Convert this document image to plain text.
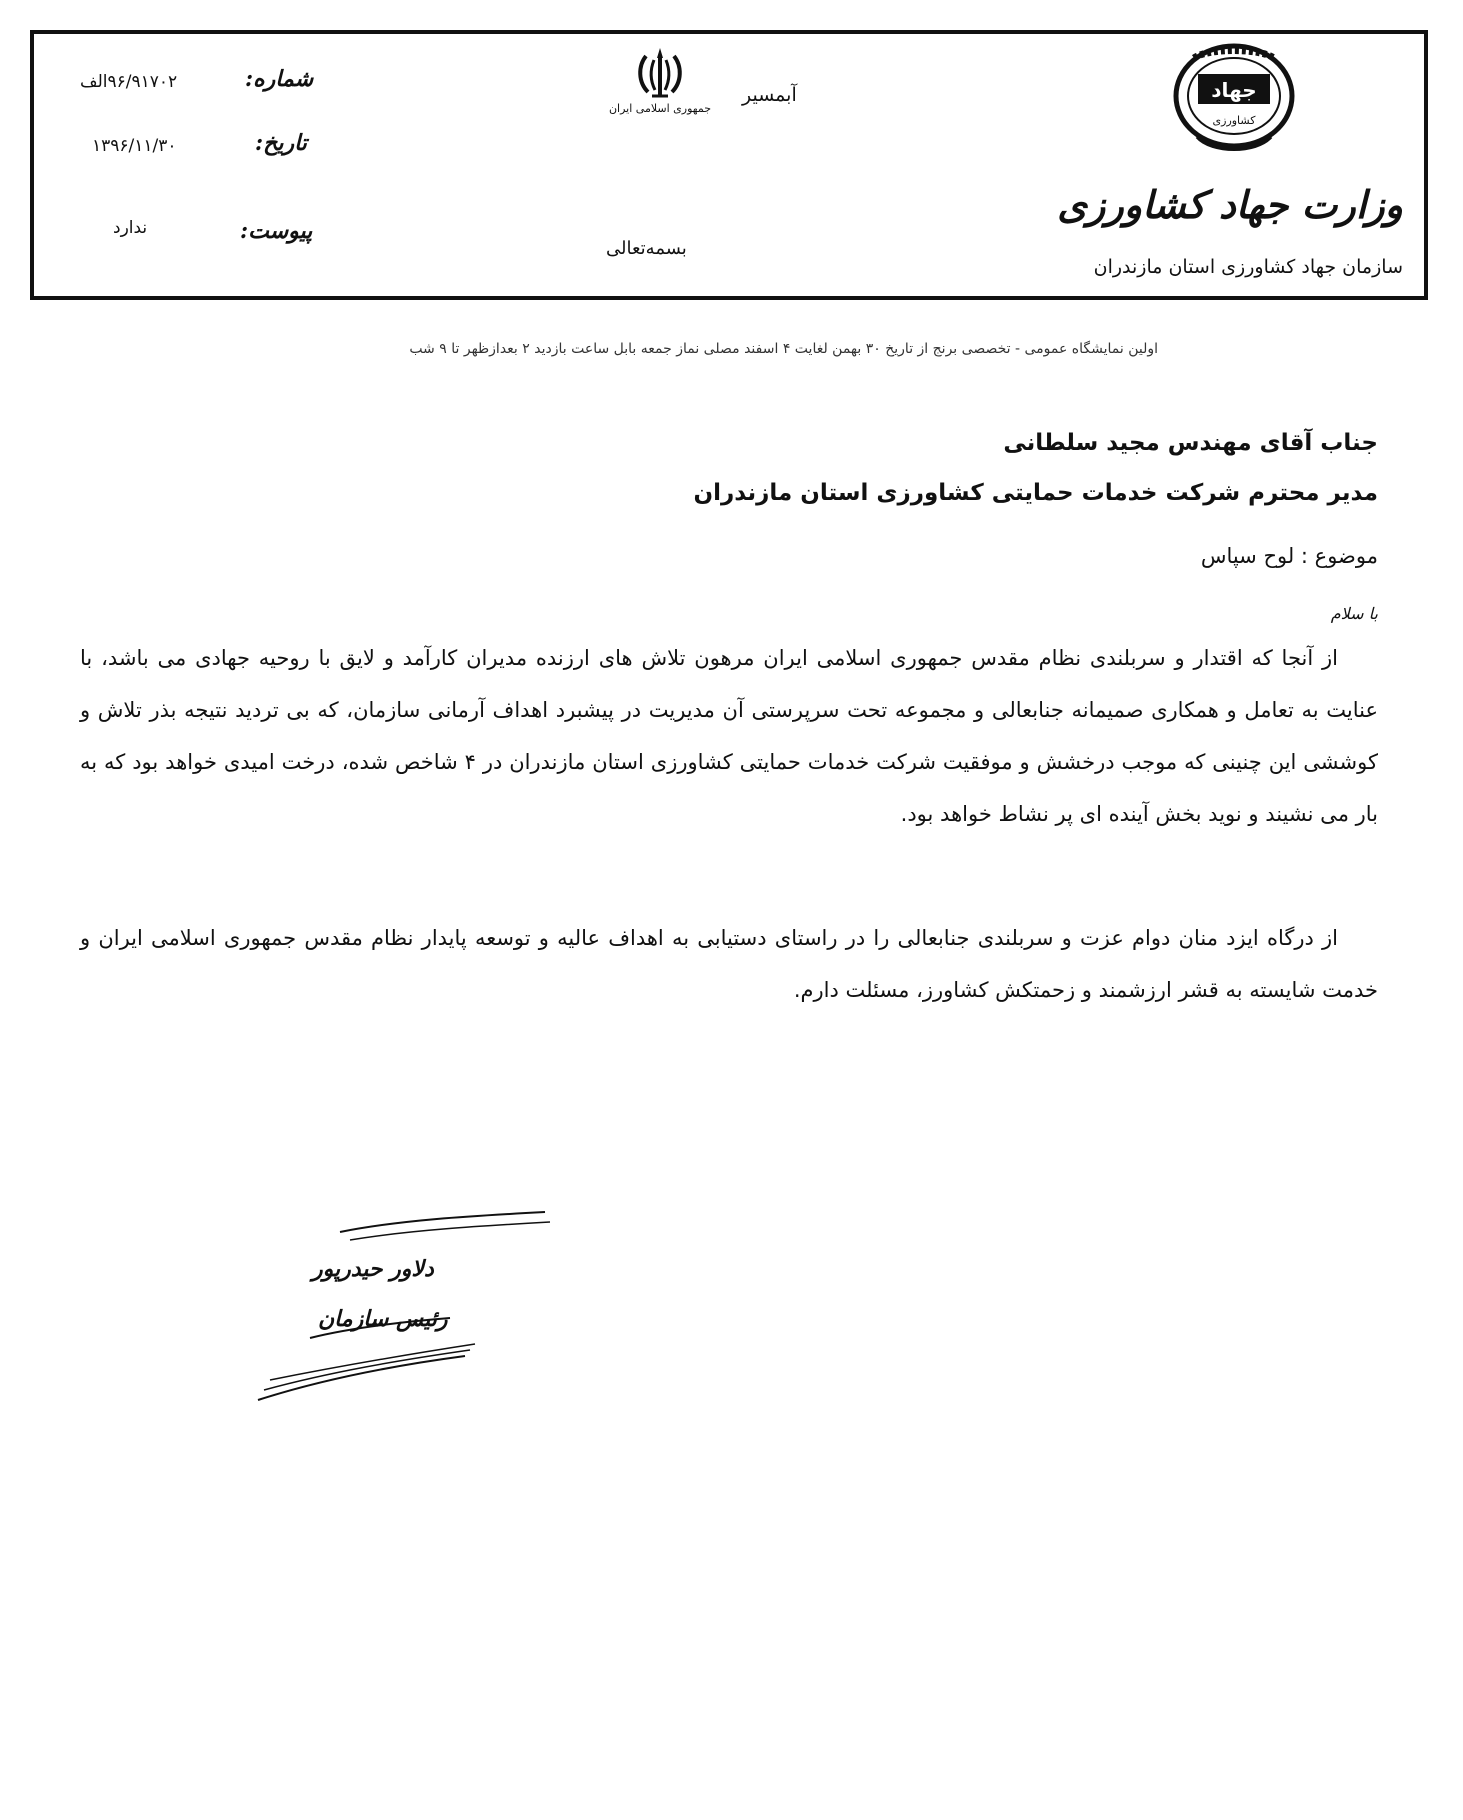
شماره:
۹۶/۹۱۷۰۲الف
تاریخ:
۱۳۹۶/۱۱/۳۰
پیوست:
ندارد
جمهوری اسلامی ایران
آبمسیر
بسمه‌تعالی
جهاد
کشاورزی
وزارت جهاد کشاورزی
سازمان جهاد کشاورزی استان مازندران
اولین نمایشگاه عمومی - تخصصی برنج از تاریخ ۳۰ بهمن لغایت ۴ اسفند مصلی نماز جمعه بابل ساعت بازدید ۲ بعدازظهر تا ۹ شب
جناب آقای مهندس مجید سلطانی
مدیر محترم شرکت خدمات حمایتی کشاورزی استان مازندران
موضوع : لوح سپاس
با سلام
از آنجا که اقتدار و سربلندی نظام مقدس جمهوری اسلامی ایران مرهون تلاش های ارزنده مدیران کارآمد و لایق با روحیه جهادی می باشد، با عنایت به تعامل و همکاری صمیمانه جنابعالی و مجموعه تحت سرپرستی آن مدیریت در پیشبرد اهداف آرمانی سازمان، که بی تردید نتیجه بذر تلاش و کوششی این چنینی که موجب درخشش و موفقیت شرکت خدمات حمایتی کشاورزی استان مازندران در ۴ شاخص شده، درخت امیدی خواهد بود که به بار می نشیند و نوید بخش آینده ای پر نشاط خواهد بود.
از درگاه ایزد منان دوام عزت و سربلندی جنابعالی را در راستای دستیابی به اهداف عالیه و توسعه پایدار نظام مقدس جمهوری اسلامی ایران و خدمت شایسته به قشر ارزشمند و زحمتکش کشاورز، مسئلت دارم.
دلاور حیدرپور
رئیس سازمان
